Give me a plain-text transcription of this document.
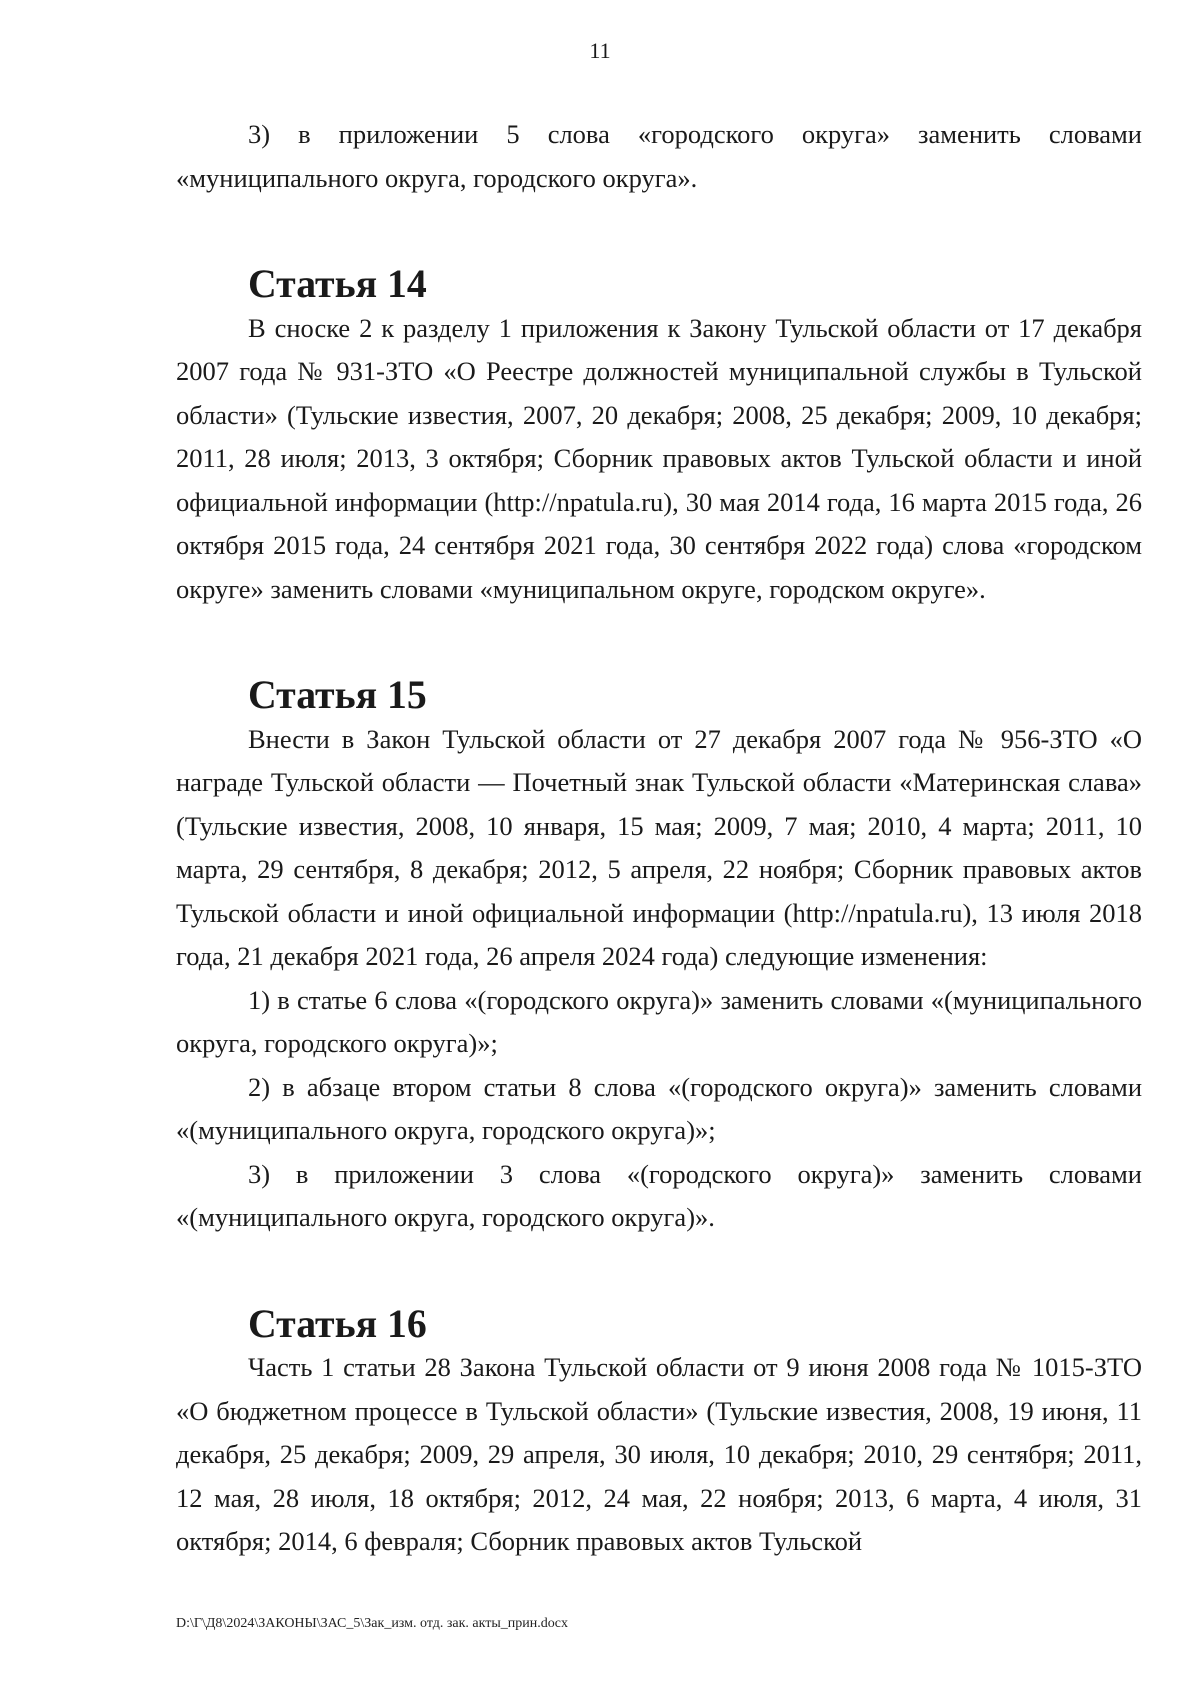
11

3) в приложении 5 слова «городского округа» заменить словами «муниципального округа, городского округа».

Статья 14

В сноске 2 к разделу 1 приложения к Закону Тульской области от 17 декабря 2007 года № 931-ЗТО «О Реестре должностей муниципальной службы в Тульской области» (Тульские известия, 2007, 20 декабря; 2008, 25 декабря; 2009, 10 декабря; 2011, 28 июля; 2013, 3 октября; Сборник правовых актов Тульской области и иной официальной информации (http://npatula.ru), 30 мая 2014 года, 16 марта 2015 года, 26 октября 2015 года, 24 сентября 2021 года, 30 сентября 2022 года) слова «городском округе» заменить словами «муниципальном округе, городском округе».

Статья 15

Внести в Закон Тульской области от 27 декабря 2007 года № 956-ЗТО «О награде Тульской области — Почетный знак Тульской области «Материнская слава» (Тульские известия, 2008, 10 января, 15 мая; 2009, 7 мая; 2010, 4 марта; 2011, 10 марта, 29 сентября, 8 декабря; 2012, 5 апреля, 22 ноября; Сборник правовых актов Тульской области и иной официальной информации (http://npatula.ru), 13 июля 2018 года, 21 декабря 2021 года, 26 апреля 2024 года) следующие изменения:

1) в статье 6 слова «(городского округа)» заменить словами «(муниципального округа, городского округа)»;

2) в абзаце втором статьи 8 слова «(городского округа)» заменить словами «(муниципального округа, городского округа)»;

3) в приложении 3 слова «(городского округа)» заменить словами «(муниципального округа, городского округа)».

Статья 16

Часть 1 статьи 28 Закона Тульской области от 9 июня 2008 года № 1015-ЗТО «О бюджетном процессе в Тульской области» (Тульские известия, 2008, 19 июня, 11 декабря, 25 декабря; 2009, 29 апреля, 30 июля, 10 декабря; 2010, 29 сентября; 2011, 12 мая, 28 июля, 18 октября; 2012, 24 мая, 22 ноября; 2013, 6 марта, 4 июля, 31 октября; 2014, 6 февраля; Сборник правовых актов Тульской

D:\Г\Д8\2024\ЗАКОНЫ\ЗАС_5\Зак_изм. отд. зак. акты_прин.docx
